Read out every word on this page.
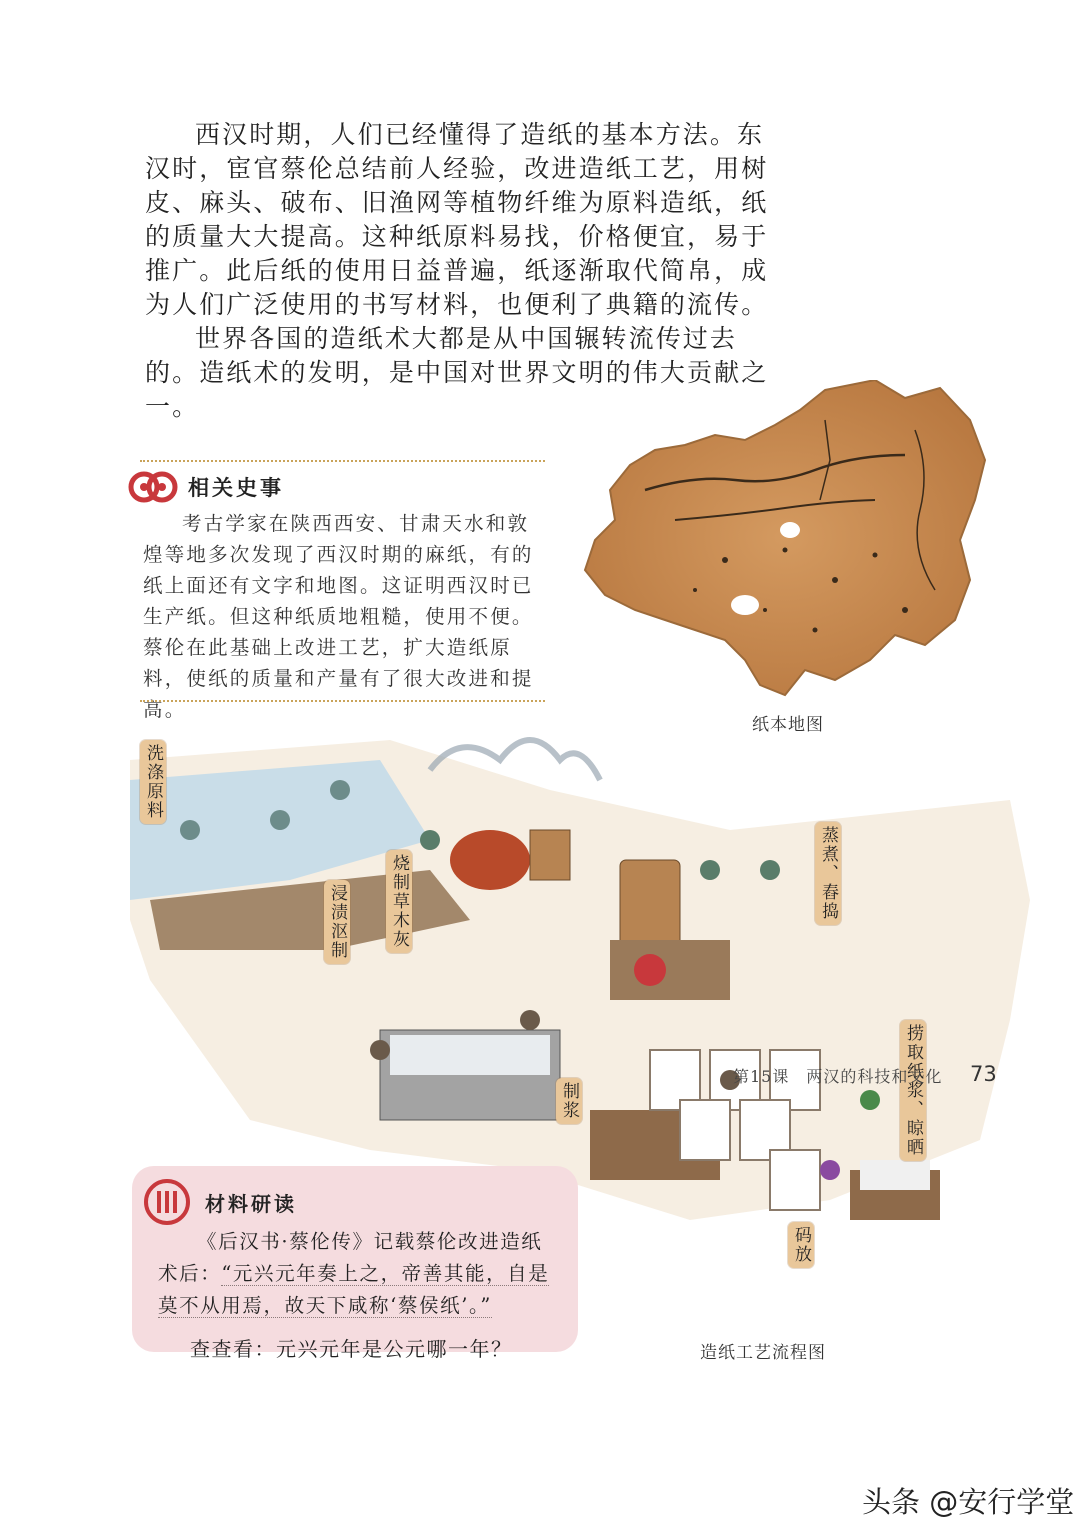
西汉时期，人们已经懂得了造纸的基本方法。东汉时，宦官蔡伦总结前人经验，改进造纸工艺，用树皮、麻头、破布、旧渔网等植物纤维为原料造纸，纸的质量大大提高。这种纸原料易找，价格便宜，易于推广。此后纸的使用日益普遍，纸逐渐取代简帛，成为人们广泛使用的书写材料，也便利了典籍的流传。

世界各国的造纸术大都是从中国辗转流传过去的。造纸术的发明，是中国对世界文明的伟大贡献之一。

相关史事

考古学家在陕西西安、甘肃天水和敦煌等地多次发现了西汉时期的麻纸，有的纸上面还有文字和地图。这证明西汉时已生产纸。但这种纸质地粗糙，使用不便。蔡伦在此基础上改进工艺，扩大造纸原料，使纸的质量和产量有了很大改进和提高。

纸本地图
洗涤原料
浸渍沤制 烧制草木灰	蒸煮、舂捣
制浆	捞取纸浆、晾晒
码放
造纸工艺流程图
材料研读

《后汉书·蔡伦传》记载蔡伦改进造纸术后：“元兴元年奏上之，帝善其能，自是莫不从用焉，故天下咸称‘蔡侯纸’。”

查查看：元兴元年是公元哪一年？
第15课　两汉的科技和文化 73
头条 @安行学堂
